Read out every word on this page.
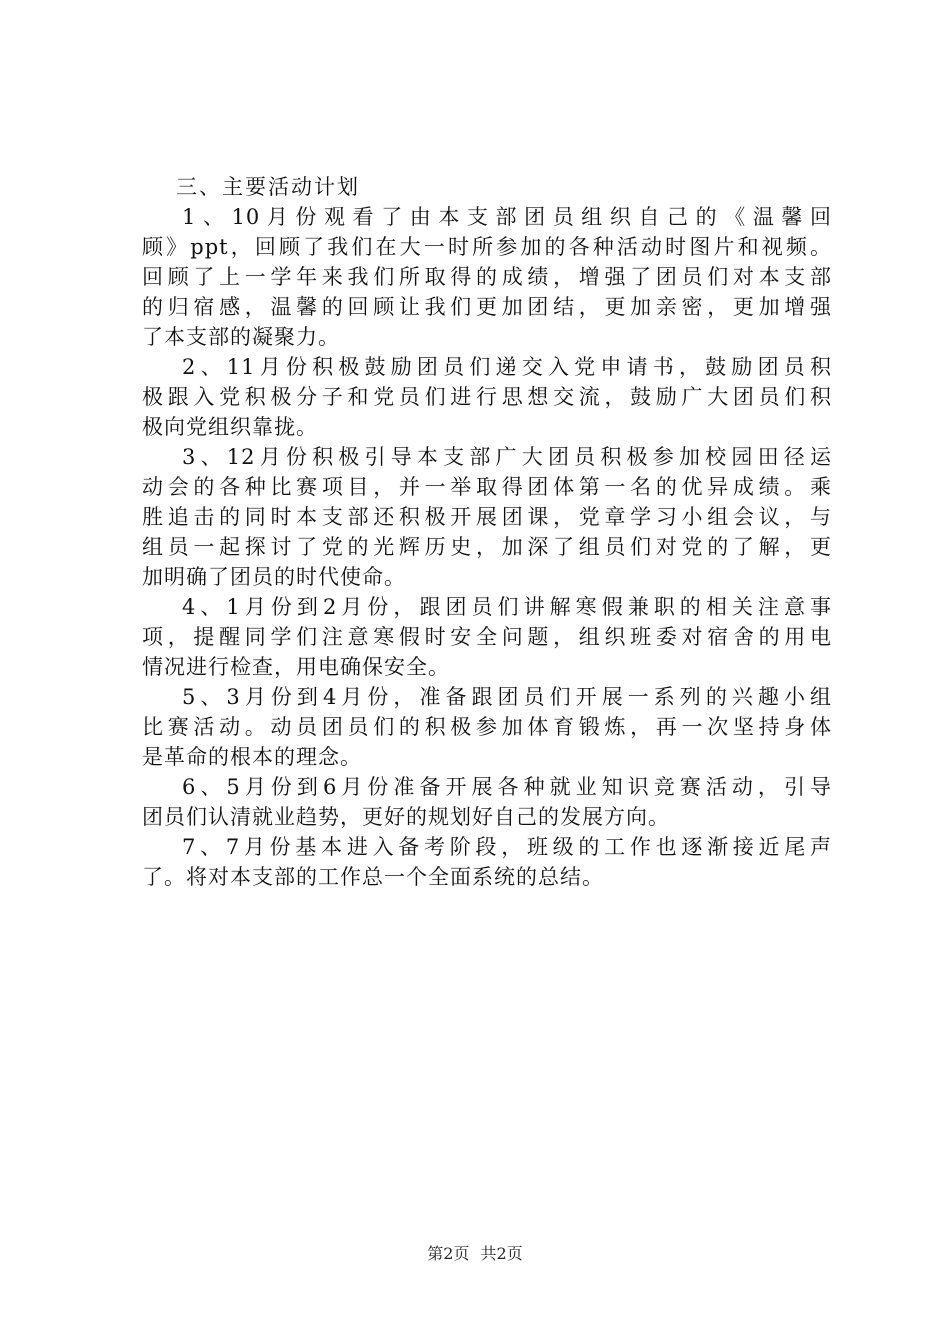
三、主要活动计划
1、10月份观看了由本支部团员组织自己的《温馨回
顾》ppt，回顾了我们在大一时所参加的各种活动时图片和视频。
回顾了上一学年来我们所取得的成绩，增强了团员们对本支部
的归宿感，温馨的回顾让我们更加团结，更加亲密，更加增强
了本支部的凝聚力。
2、11月份积极鼓励团员们递交入党申请书，鼓励团员积
极跟入党积极分子和党员们进行思想交流，鼓励广大团员们积
极向党组织靠拢。
3、12月份积极引导本支部广大团员积极参加校园田径运
动会的各种比赛项目，并一举取得团体第一名的优异成绩。乘
胜追击的同时本支部还积极开展团课，党章学习小组会议，与
组员一起探讨了党的光辉历史，加深了组员们对党的了解，更
加明确了团员的时代使命。
4、1月份到2月份，跟团员们讲解寒假兼职的相关注意事
项，提醒同学们注意寒假时安全问题，组织班委对宿舍的用电
情况进行检查，用电确保安全。
5、3月份到4月份，准备跟团员们开展一系列的兴趣小组
比赛活动。动员团员们的积极参加体育锻炼，再一次坚持身体
是革命的根本的理念。
6、5月份到6月份准备开展各种就业知识竞赛活动，引导
团员们认清就业趋势，更好的规划好自己的发展方向。
7、7月份基本进入备考阶段，班级的工作也逐渐接近尾声
了。将对本支部的工作总一个全面系统的总结。
第2页 共2页
